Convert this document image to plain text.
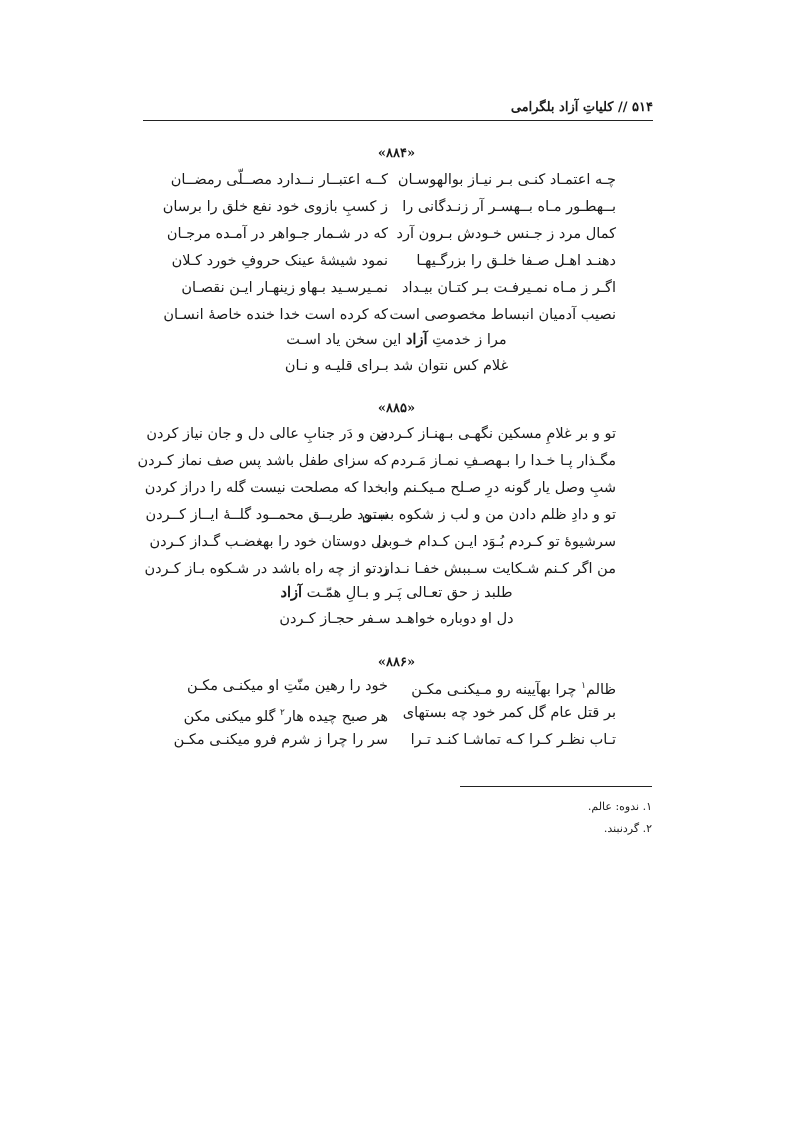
۵۱۴ // کلیاتِ آزاد بلگرامی
«۸۸۴»
چـه اعتمـاد کنـی بـر نیـاز بوالهوسـان
کــه اعتبــار نــدارد مصــلّی رمضــان
بــهطـور مـاه بــهسـر آر زنـدگانی را
ز کسبِ بازوی خود نفع خلق را برسان
کمال مرد ز جـنس خـودش بـرون آرد
که در شـمار جـواهر در آمـده مرجـان
دهنـد اهـل صـفا خلـق را بزرگـیهـا
نمود شیشهٔ عینک حروفِ خورد کـلان
اگـر ز مـاه نمـیرفـت بـر کتـان بیـداد
نمـیرسـید بـهاو زینهـار ایـن نقصـان
نصیب آدمیان انبساط مخصوصی است
که کرده است خدا خنده خاصهٔ انسـان
مرا ز خدمتِ آزاد این سخن یاد اسـت
غلام کس نتوان شد بـرای قلیـه و نـان
«۸۸۵»
تو و بر غلامِ مسکین نگهـی بـهنـاز کـردن
من و دَر جنابِ عالی دل و جان نیاز کردن
مگـذار پـا خـدا را بـهصـفِ نمـاز مَـردم
که سزای طفل باشد پس صف نماز کـردن
شبِ وصل یار گونه درِ صـلح مـیکـنم وا
بخدا که مصلحت نیست گله را دراز کردن
تو و دادِ ظلم دادن من و لب ز شکوه بستن
نبــود طریــق محمــود گلــهٔ ایــاز کــردن
سرشیوهٔ تو کـردم بُـوَد ایـن کـدام خـوبی
دل دوستان خود را بهغضـب گـداز کـردن
من اگر کـنم شـکایت سـببش خفـا نـدارد
ز تو از چه راه باشد در شـکوه بـاز کـردن
طلبد ز حق تعـالی پَـر و بـالِ همّـت آزاد
دل او دوباره خواهـد سـفر حجـاز کـردن
«۸۸۶»
ظالم$^۱$ چرا بهآیینه رو مـیکنـی مکـن
خود را رهین منّتِ او میکنـی مکـن
بر قتل عام گل کمر خود چه بستهای
هر صبح چیده هار$^۲$ گلو میکنی مکن
تـاب نظـر کـرا کـه تماشـا کنـد تـرا
سر را چرا ز شرم فرو میکنـی مکـن
۱. ندوه: عالم.
۲. گردنبند.
